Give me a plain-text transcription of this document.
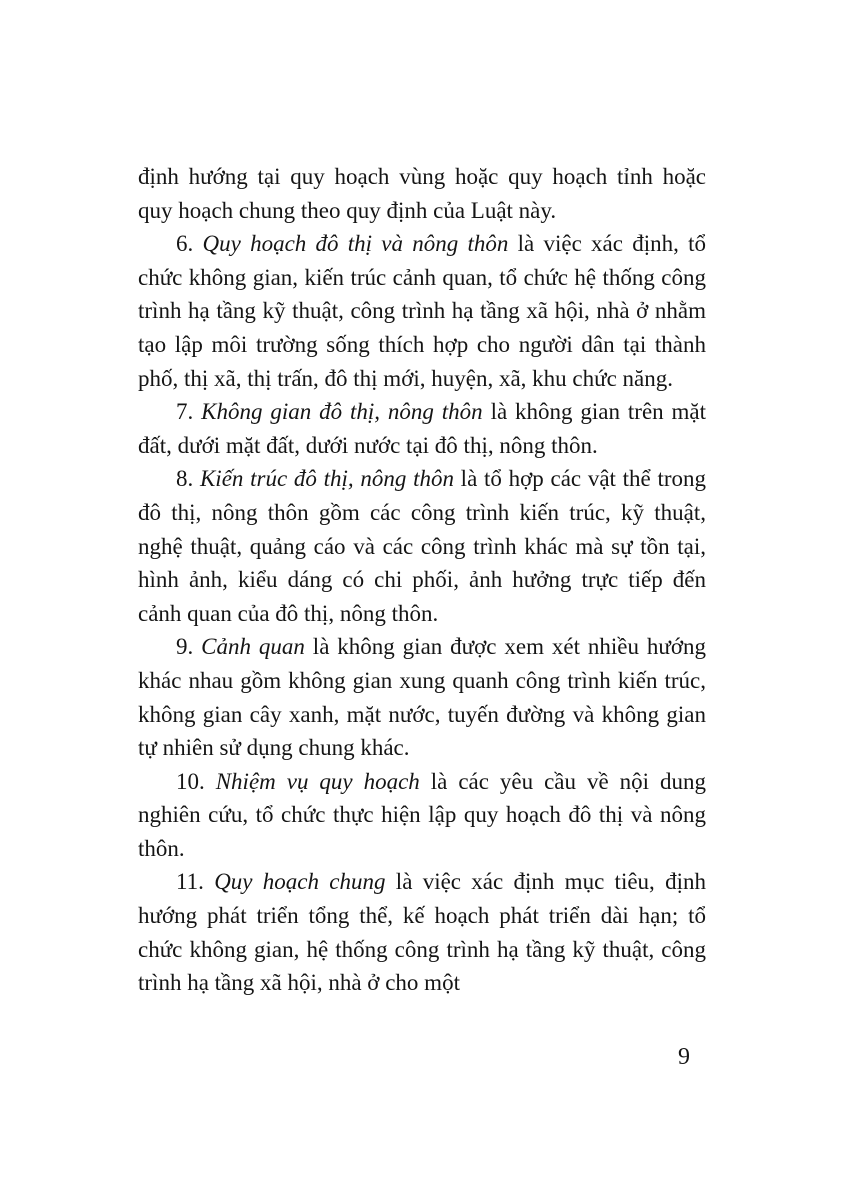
định hướng tại quy hoạch vùng hoặc quy hoạch tỉnh hoặc quy hoạch chung theo quy định của Luật này.

6. Quy hoạch đô thị và nông thôn là việc xác định, tổ chức không gian, kiến trúc cảnh quan, tổ chức hệ thống công trình hạ tầng kỹ thuật, công trình hạ tầng xã hội, nhà ở nhằm tạo lập môi trường sống thích hợp cho người dân tại thành phố, thị xã, thị trấn, đô thị mới, huyện, xã, khu chức năng.

7. Không gian đô thị, nông thôn là không gian trên mặt đất, dưới mặt đất, dưới nước tại đô thị, nông thôn.

8. Kiến trúc đô thị, nông thôn là tổ hợp các vật thể trong đô thị, nông thôn gồm các công trình kiến trúc, kỹ thuật, nghệ thuật, quảng cáo và các công trình khác mà sự tồn tại, hình ảnh, kiểu dáng có chi phối, ảnh hưởng trực tiếp đến cảnh quan của đô thị, nông thôn.

9. Cảnh quan là không gian được xem xét nhiều hướng khác nhau gồm không gian xung quanh công trình kiến trúc, không gian cây xanh, mặt nước, tuyến đường và không gian tự nhiên sử dụng chung khác.

10. Nhiệm vụ quy hoạch là các yêu cầu về nội dung nghiên cứu, tổ chức thực hiện lập quy hoạch đô thị và nông thôn.

11. Quy hoạch chung là việc xác định mục tiêu, định hướng phát triển tổng thể, kế hoạch phát triển dài hạn; tổ chức không gian, hệ thống công trình hạ tầng kỹ thuật, công trình hạ tầng xã hội, nhà ở cho một

9
